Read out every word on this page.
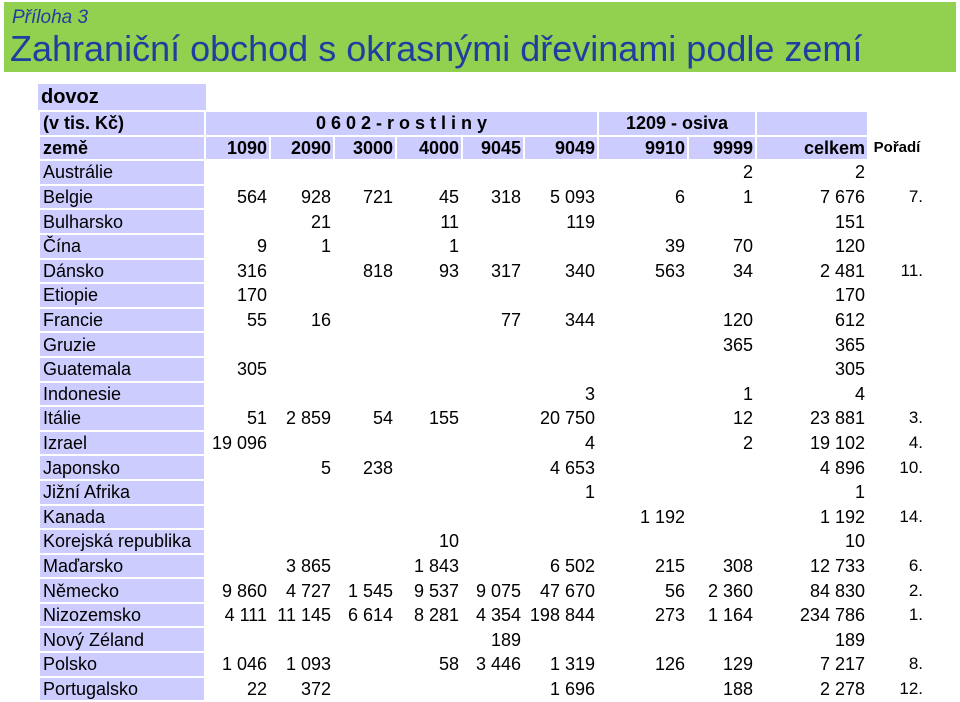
Příloha 3
Zahraniční obchod s okrasnými dřevinami podle zemí
dovoz
(v tis. Kč)	0 6 0 2 - r o s t l i n y						1209 - osiva			
země	1090	2090	3000	4000	9045	9049	9910	9999	celkem	Pořadí
Austrálie								2	2	
Belgie	564	928	721	45	318	5 093	6	1	7 676	7.
Bulharsko		21		11		119			151	
Čína	9	1		1			39	70	120	
Dánsko	316		818	93	317	340	563	34	2 481	11.
Etiopie	170								170	
Francie	55	16			77	344		120	612	
Gruzie								365	365	
Guatemala	305								305	
Indonesie						3		1	4	
Itálie	51	2 859	54	155		20 750		12	23 881	3.
Izrael	19 096					4		2	19 102	4.
Japonsko		5	238			4 653			4 896	10.
Jižní Afrika						1			1	
Kanada							1 192		1 192	14.
Korejská republika				10					10	
Maďarsko		3 865		1 843		6 502	215	308	12 733	6.
Německo	9 860	4 727	1 545	9 537	9 075	47 670	56	2 360	84 830	2.
Nizozemsko	4 111	11 145	6 614	8 281	4 354	198 844	273	1 164	234 786	1.
Nový Zéland					189				189	
Polsko	1 046	1 093		58	3 446	1 319	126	129	7 217	8.
Portugalsko	22	372				1 696		188	2 278	12.
